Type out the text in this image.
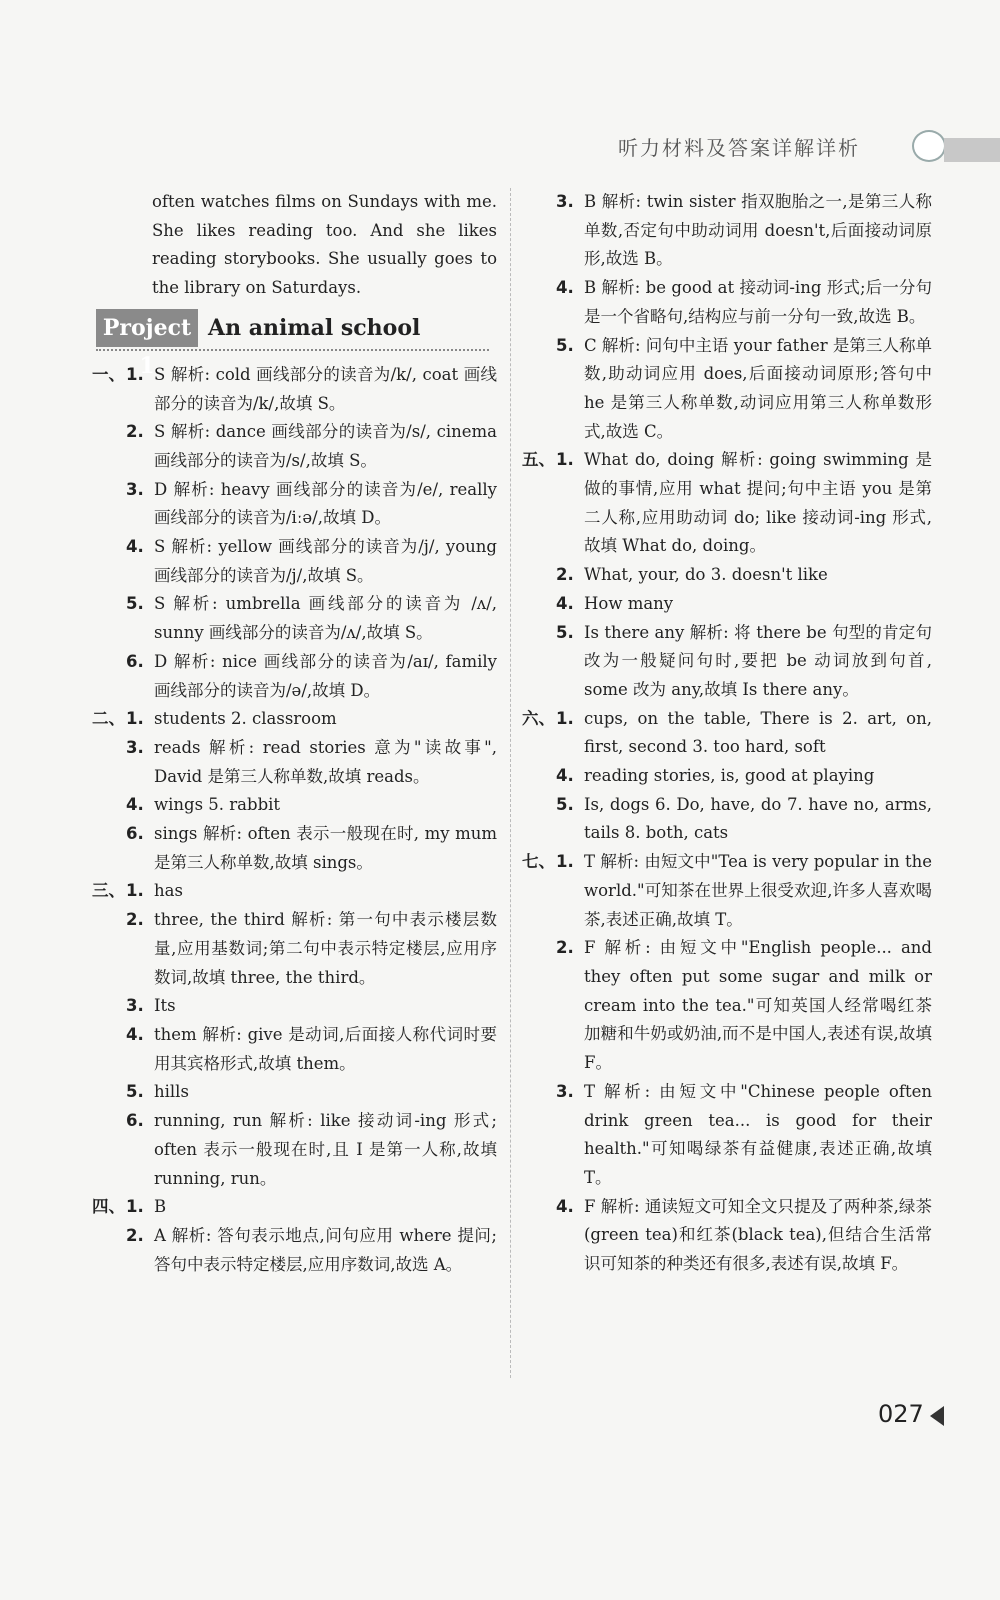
听力材料及答案详解详析

often watches films on Sundays with me. She likes reading too. And she likes reading storybooks. She usually goes to the library on Saturdays.

Project 1
An animal school
一、 1. S 解析: cold 画线部分的读音为/k/, coat 画线部分的读音为/k/,故填 S。

2. S 解析: dance 画线部分的读音为/s/, cinema 画线部分的读音为/s/,故填 S。

3. D 解析: heavy 画线部分的读音为/e/, really 画线部分的读音为/iːə/,故填 D。

4. S 解析: yellow 画线部分的读音为/j/, young 画线部分的读音为/j/,故填 S。

5. S 解析: umbrella 画线部分的读音为 /ʌ/, sunny 画线部分的读音为/ʌ/,故填 S。

6. D 解析: nice 画线部分的读音为/aɪ/, family 画线部分的读音为/ə/,故填 D。

二、 1. students 2. classroom

3. reads 解析: read stories 意为"读故事", David 是第三人称单数,故填 reads。

4. wings 5. rabbit

6. sings 解析: often 表示一般现在时, my mum 是第三人称单数,故填 sings。

三、 1. has

2. three, the third 解析: 第一句中表示楼层数量,应用基数词;第二句中表示特定楼层,应用序数词,故填 three, the third。

3. Its

4. them 解析: give 是动词,后面接人称代词时要用其宾格形式,故填 them。

5. hills

6. running, run 解析: like 接动词-ing 形式; often 表示一般现在时,且 I 是第一人称,故填 running, run。

四、 1. B

2. A 解析: 答句表示地点,问句应用 where 提问;答句中表示特定楼层,应用序数词,故选 A。

3. B 解析: twin sister 指双胞胎之一,是第三人称单数,否定句中助动词用 doesn't,后面接动词原形,故选 B。

4. B 解析: be good at 接动词-ing 形式;后一分句是一个省略句,结构应与前一分句一致,故选 B。

5. C 解析: 问句中主语 your father 是第三人称单数,助动词应用 does,后面接动词原形;答句中 he 是第三人称单数,动词应用第三人称单数形式,故选 C。

五、 1. What do, doing 解析: going swimming 是做的事情,应用 what 提问;句中主语 you 是第二人称,应用助动词 do; like 接动词-ing 形式,故填 What do, doing。

2. What, your, do 3. doesn't like

4. How many

5. Is there any 解析: 将 there be 句型的肯定句改为一般疑问句时,要把 be 动词放到句首, some 改为 any,故填 Is there any。

六、 1. cups, on the table, There is 2. art, on, first, second 3. too hard, soft

4. reading stories, is, good at playing

5. Is, dogs 6. Do, have, do 7. have no, arms, tails 8. both, cats

七、 1. T 解析: 由短文中"Tea is very popular in the world."可知茶在世界上很受欢迎,许多人喜欢喝茶,表述正确,故填 T。

2. F 解析: 由短文中"English people... and they often put some sugar and milk or cream into the tea."可知英国人经常喝红茶加糖和牛奶或奶油,而不是中国人,表述有误,故填 F。

3. T 解析: 由短文中"Chinese people often drink green tea... is good for their health."可知喝绿茶有益健康,表述正确,故填 T。

4. F 解析: 通读短文可知全文只提及了两种茶,绿茶(green tea)和红茶(black tea),但结合生活常识可知茶的种类还有很多,表述有误,故填 F。

027
